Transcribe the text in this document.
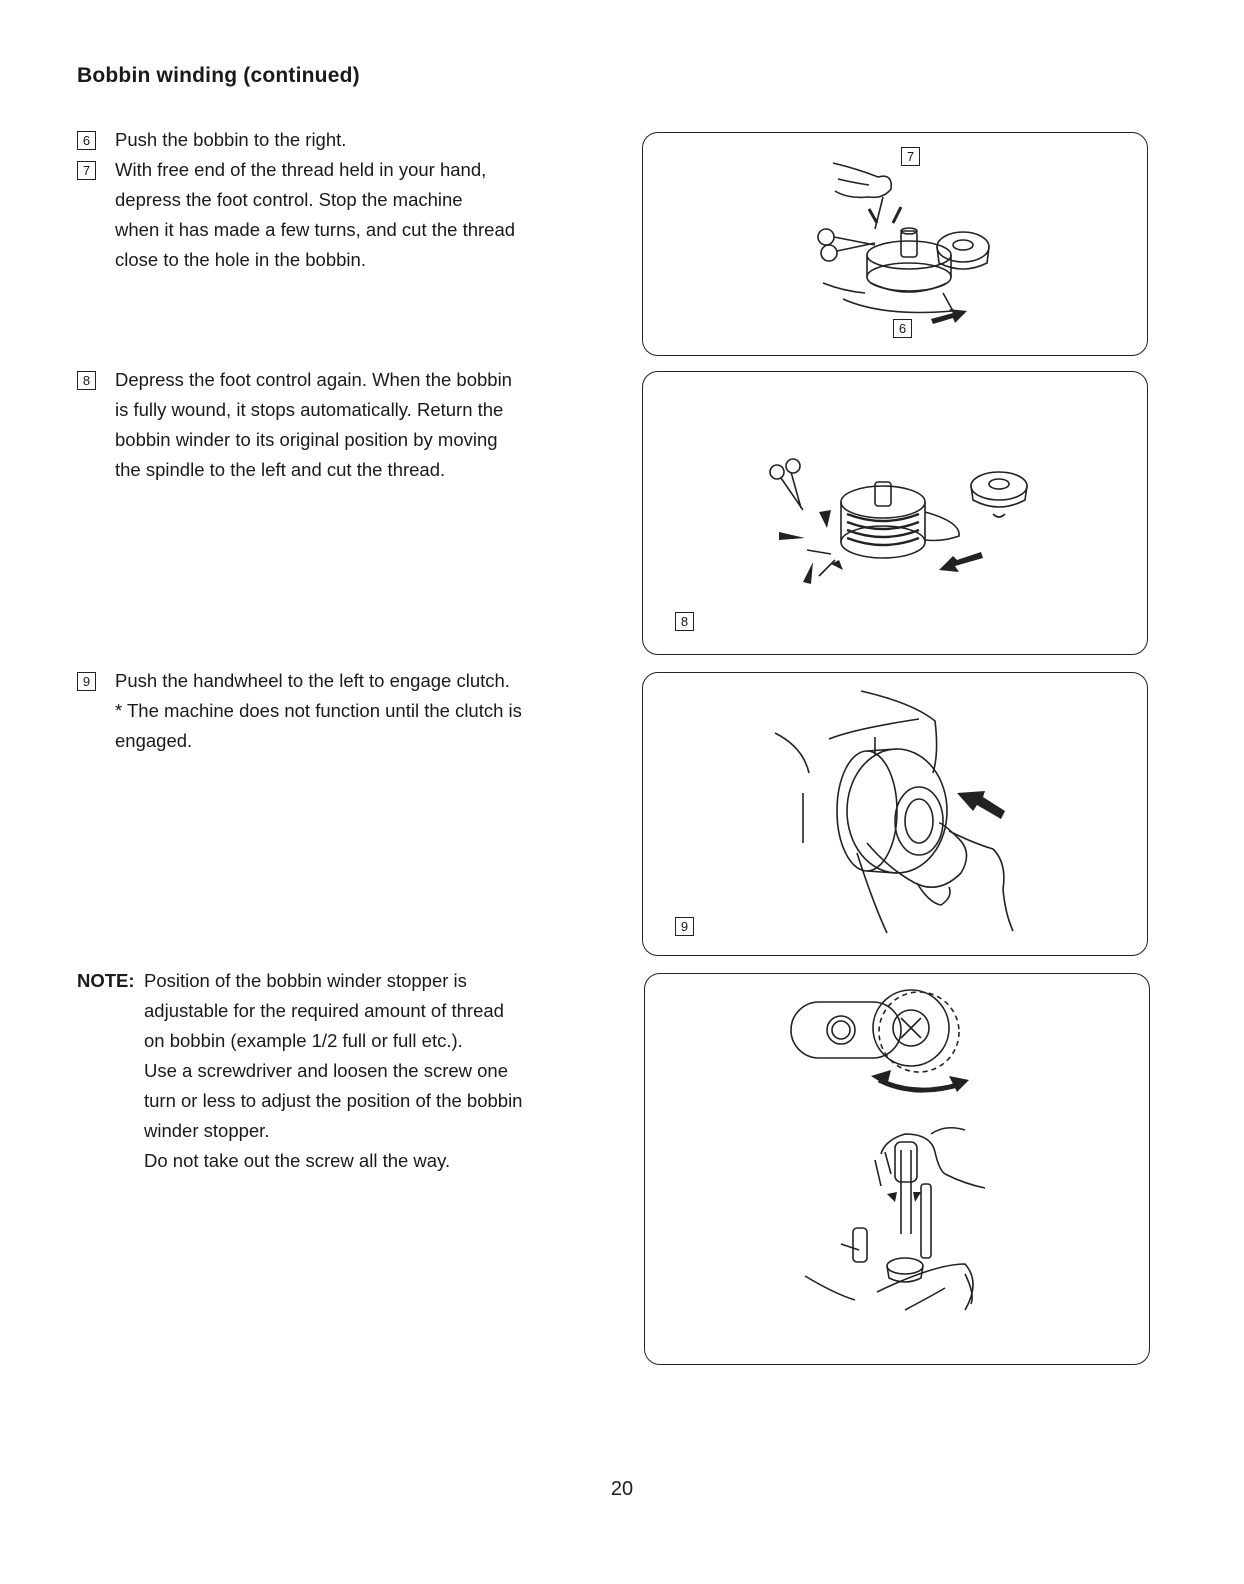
Bobbin winding (continued)
6	Push the bobbin to the right.
7	With free end of the thread held in your hand,
depress the foot control. Stop the machine
when it has made a few turns, and cut the thread
close to the hole in the bobbin.
8	Depress the foot control again. When the bobbin
is fully wound, it stops automatically. Return the
bobbin winder to its original position by moving
the spindle to the left and cut the thread.
9	Push the handwheel to the left to engage clutch.
* The machine does not function until the clutch is
engaged.
NOTE: Position of the bobbin winder stopper is
adjustable for the required amount of thread
on bobbin (example 1/2 full or full etc.).
Use a screwdriver and loosen the screw one
turn or less to adjust the position of the bobbin
winder stopper.
Do not take out the screw all the way.
7
6
8
9
20
